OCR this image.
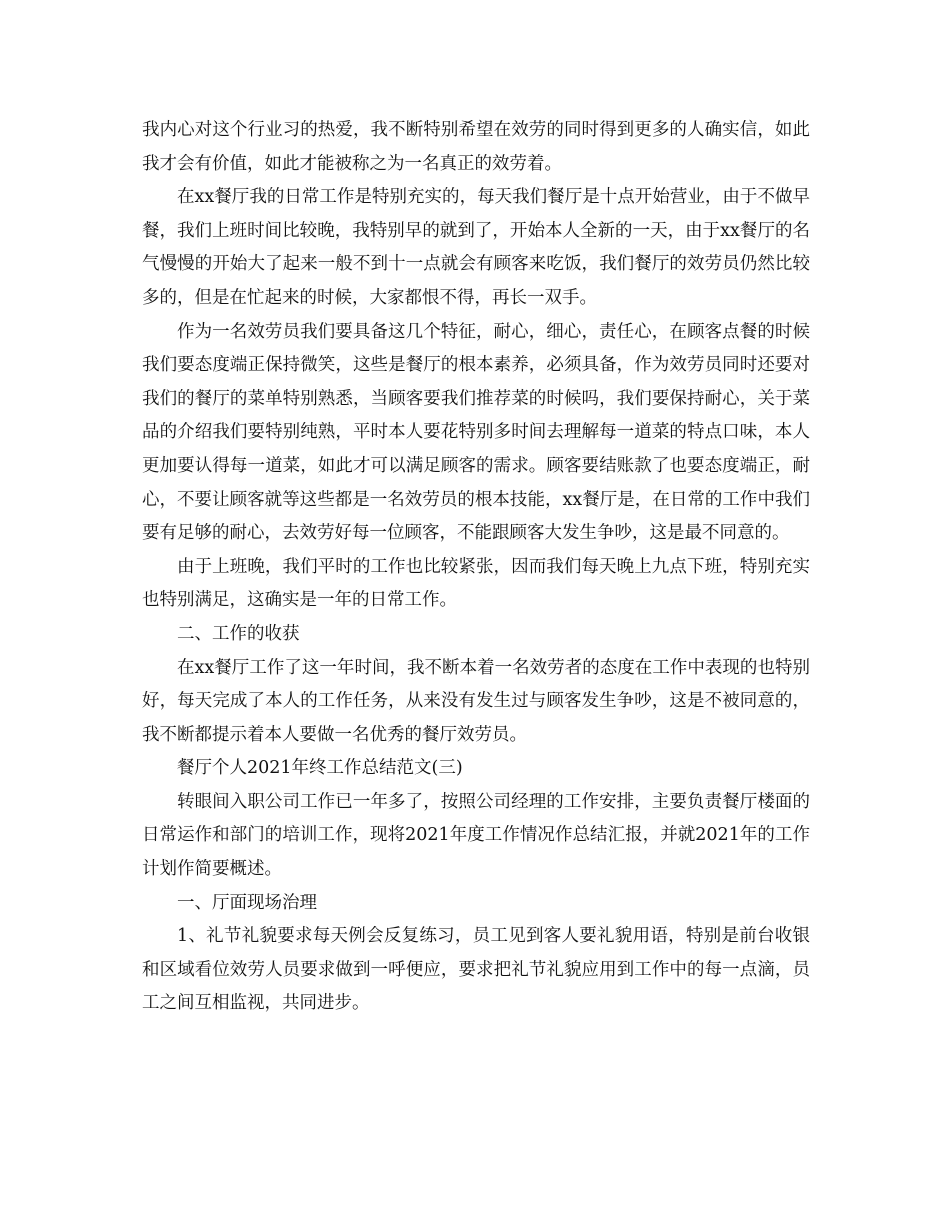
我内心对这个行业习的热爱，我不断特别希望在效劳的同时得到更多的人确实信，如此我才会有价值，如此才能被称之为一名真正的效劳着。

在xx餐厅我的日常工作是特别充实的，每天我们餐厅是十点开始营业，由于不做早餐，我们上班时间比较晚，我特别早的就到了，开始本人全新的一天，由于xx餐厅的名气慢慢的开始大了起来一般不到十一点就会有顾客来吃饭，我们餐厅的效劳员仍然比较多的，但是在忙起来的时候，大家都恨不得，再长一双手。

作为一名效劳员我们要具备这几个特征，耐心，细心，责任心，在顾客点餐的时候我们要态度端正保持微笑，这些是餐厅的根本素养，必须具备，作为效劳员同时还要对我们的餐厅的菜单特别熟悉，当顾客要我们推荐菜的时候吗，我们要保持耐心，关于菜品的介绍我们要特别纯熟，平时本人要花特别多时间去理解每一道菜的特点口味，本人更加要认得每一道菜，如此才可以满足顾客的需求。顾客要结账款了也要态度端正，耐心，不要让顾客就等这些都是一名效劳员的根本技能，xx餐厅是，在日常的工作中我们要有足够的耐心，去效劳好每一位顾客，不能跟顾客大发生争吵，这是最不同意的。

由于上班晚，我们平时的工作也比较紧张，因而我们每天晚上九点下班，特别充实也特别满足，这确实是一年的日常工作。

二、工作的收获

在xx餐厅工作了这一年时间，我不断本着一名效劳者的态度在工作中表现的也特别好，每天完成了本人的工作任务，从来没有发生过与顾客发生争吵，这是不被同意的，我不断都提示着本人要做一名优秀的餐厅效劳员。

餐厅个人2021年终工作总结范文(三)

转眼间入职公司工作已一年多了，按照公司经理的工作安排，主要负责餐厅楼面的日常运作和部门的培训工作，现将2021年度工作情况作总结汇报，并就2021年的工作计划作简要概述。

一、厅面现场治理

1、礼节礼貌要求每天例会反复练习，员工见到客人要礼貌用语，特别是前台收银和区域看位效劳人员要求做到一呼便应，要求把礼节礼貌应用到工作中的每一点滴，员工之间互相监视，共同进步。
